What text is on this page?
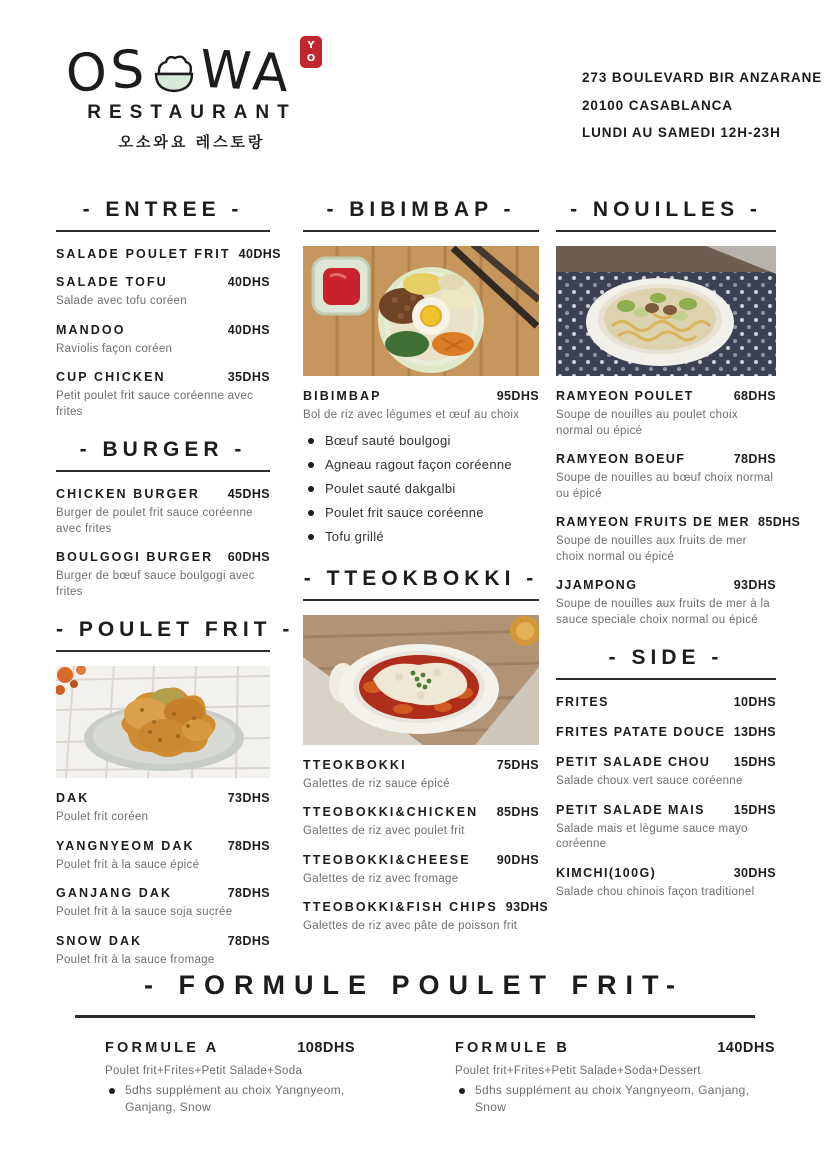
OS WA	YO
RESTAURANT
오소와요 레스토랑
273 BOULEVARD BIR ANZARANE
20100 CASABLANCA
LUNDI AU SAMEDI 12H-23H
- ENTREE -
SALADE POULET FRIT 40DHS
SALADE TOFU	40DHS

Salade avec tofu coréen

MANDOO	40DHS

Raviolis façon coréen

CUP CHICKEN	35DHS

Petit poulet frit sauce coréenne avec frites

- BURGER -
CHICKEN BURGER 45DHS

Burger de poulet frit sauce coréenne avec frites

BOULGOGI BURGER 60DHS

Burger de bœuf sauce boulgogi avec frites

- POULET FRIT -
DAK	73DHS

Poulet frit coréen

YANGNYEOM DAK	78DHS

Poulet frit à la sauce épicé

GANJANG DAK	78DHS

Poulet frit à la sauce soja sucrée

SNOW DAK	78DHS

Poulet frit à la sauce fromage

- BIBIMBAP -
BIBIMBAP	95DHS

Bol de riz avec légumes et œuf au choix

Bœuf sauté boulgogi
Agneau ragout façon coréenne
Poulet sauté dakgalbi
Poulet frit sauce coréenne
Tofu grillé
- TTEOKBOKKI -
TTEOKBOKKI	75DHS

Galettes de riz sauce épicé

TTEOBOKKI&CHICKEN 85DHS

Galettes de riz avec poulet frit

TTEOBOKKI&CHEESE 90DHS

Galettes de riz avec fromage

TTEOBOKKI&FISH CHIPS 93DHS

Galettes de riz avec pâte de poisson frit

- NOUILLES -
RAMYEON POULET	68DHS

Soupe de nouilles au poulet choix normal ou épicé

RAMYEON BOEUF	78DHS

Soupe de nouilles au bœuf choix normal ou épicé

RAMYEON FRUITS DE MER 85DHS

Soupe de nouilles aux fruits de mer choix normal ou épicé

JJAMPONG	93DHS

Soupe de nouilles aux fruits de mer à la sauce speciale choix normal ou épicé

- SIDE -
FRITES	10DHS
FRITES PATATE DOUCE 13DHS
PETIT SALADE CHOU 15DHS

Salade choux vert sauce coréenne

PETIT SALADE MAIS 15DHS

Salade mais et lègume sauce mayo coréenne

KIMCHI(100G)	30DHS

Salade chou chinois façon traditionel

- FORMULE POULET FRIT-
FORMULE A	108DHS

Poulet frit+Frites+Petit Salade+Soda

5dhs supplément au choix Yangnyeom, Ganjang, Snow
FORMULE B	140DHS

Poulet frit+Frites+Petit Salade+Soda+Dessert

5dhs supplément au choix Yangnyeom, Ganjang, Snow
